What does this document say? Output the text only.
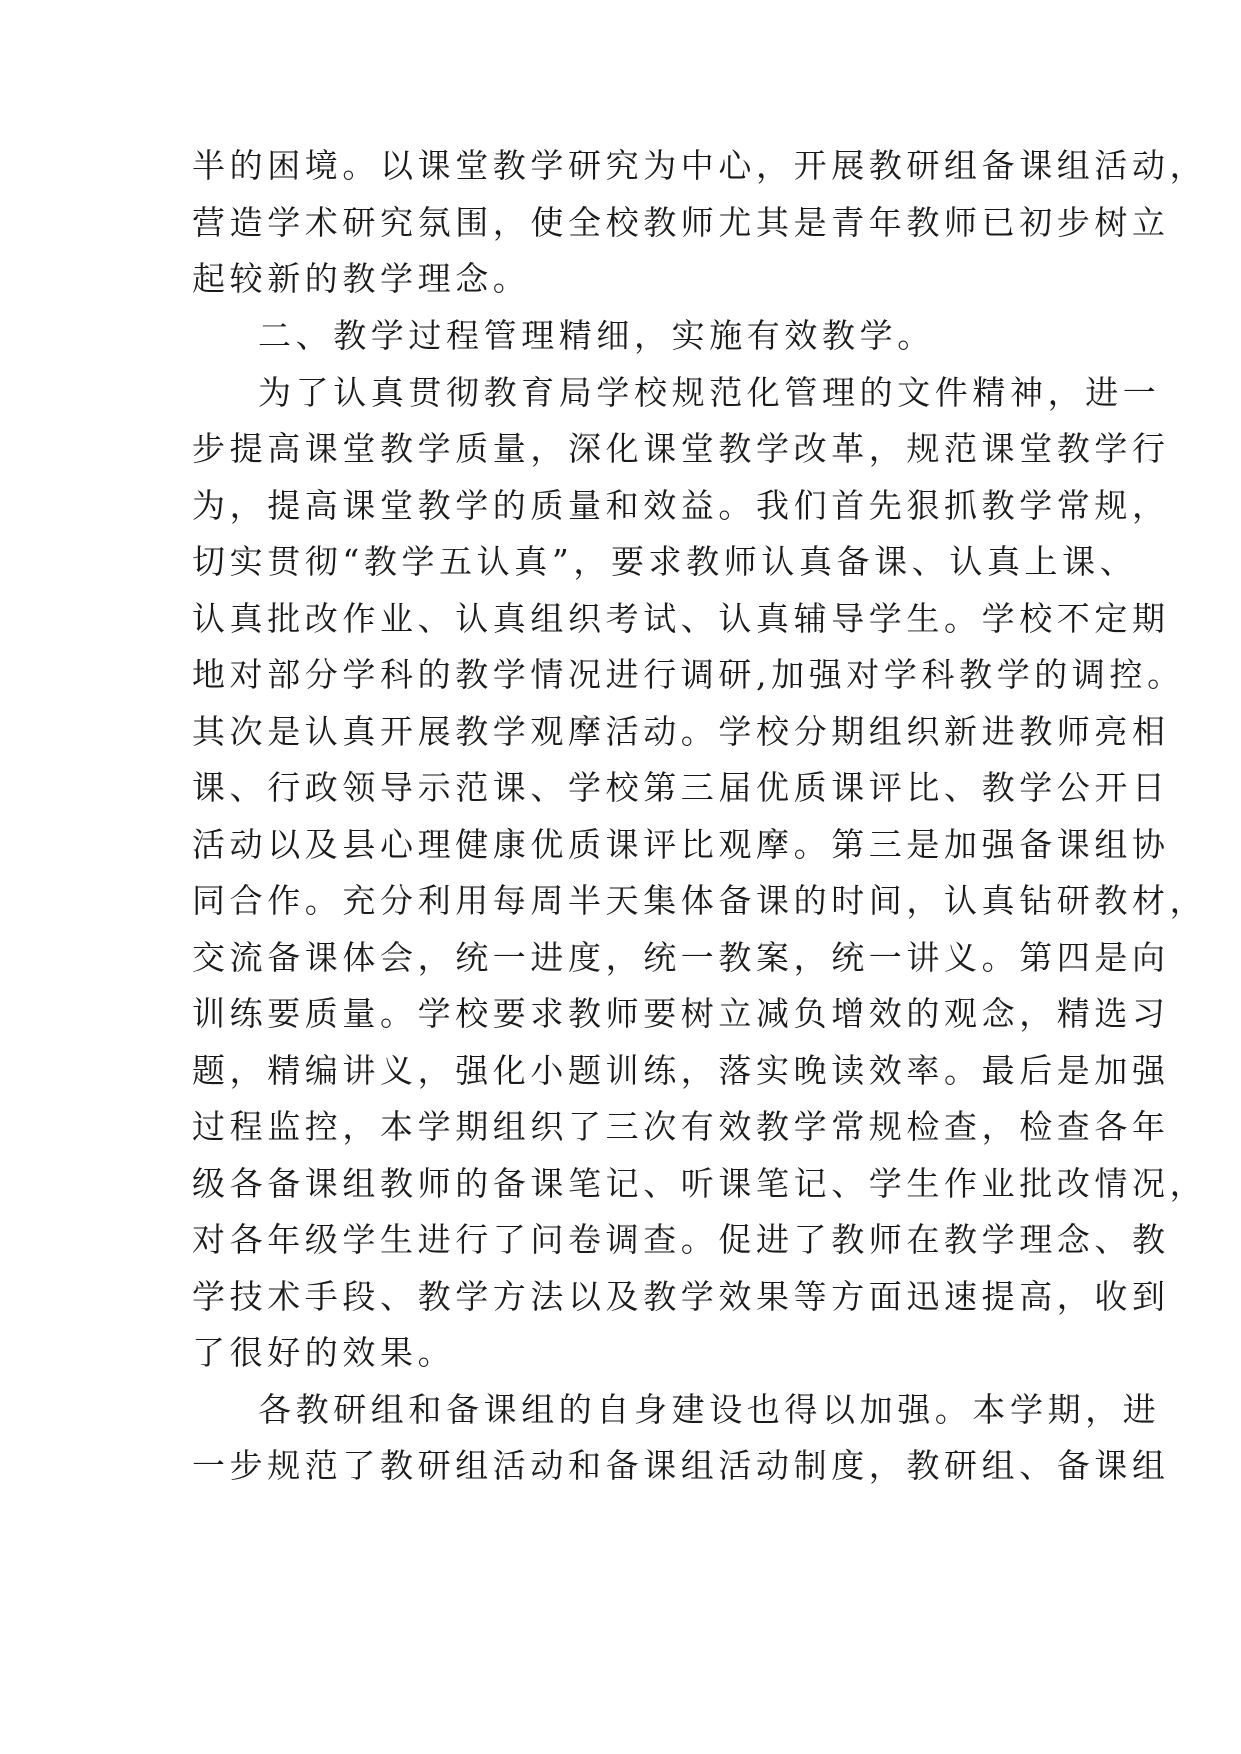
半的困境。以课堂教学研究为中心，开展教研组备课组活动，
营造学术研究氛围，使全校教师尤其是青年教师已初步树立
起较新的教学理念。
二、教学过程管理精细，实施有效教学。
为了认真贯彻教育局学校规范化管理的文件精神，进一
步提高课堂教学质量，深化课堂教学改革，规范课堂教学行
为，提高课堂教学的质量和效益。我们首先狠抓教学常规，
切实贯彻“教学五认真”，要求教师认真备课、认真上课、
认真批改作业、认真组织考试、认真辅导学生。学校不定期
地对部分学科的教学情况进行调研,加强对学科教学的调控。
其次是认真开展教学观摩活动。学校分期组织新进教师亮相
课、行政领导示范课、学校第三届优质课评比、教学公开日
活动以及县心理健康优质课评比观摩。第三是加强备课组协
同合作。充分利用每周半天集体备课的时间，认真钻研教材，
交流备课体会，统一进度，统一教案，统一讲义。第四是向
训练要质量。学校要求教师要树立减负增效的观念，精选习
题，精编讲义，强化小题训练，落实晚读效率。最后是加强
过程监控，本学期组织了三次有效教学常规检查，检查各年
级各备课组教师的备课笔记、听课笔记、学生作业批改情况，
对各年级学生进行了问卷调查。促进了教师在教学理念、教
学技术手段、教学方法以及教学效果等方面迅速提高，收到
了很好的效果。
各教研组和备课组的自身建设也得以加强。本学期，进
一步规范了教研组活动和备课组活动制度，教研组、备课组
